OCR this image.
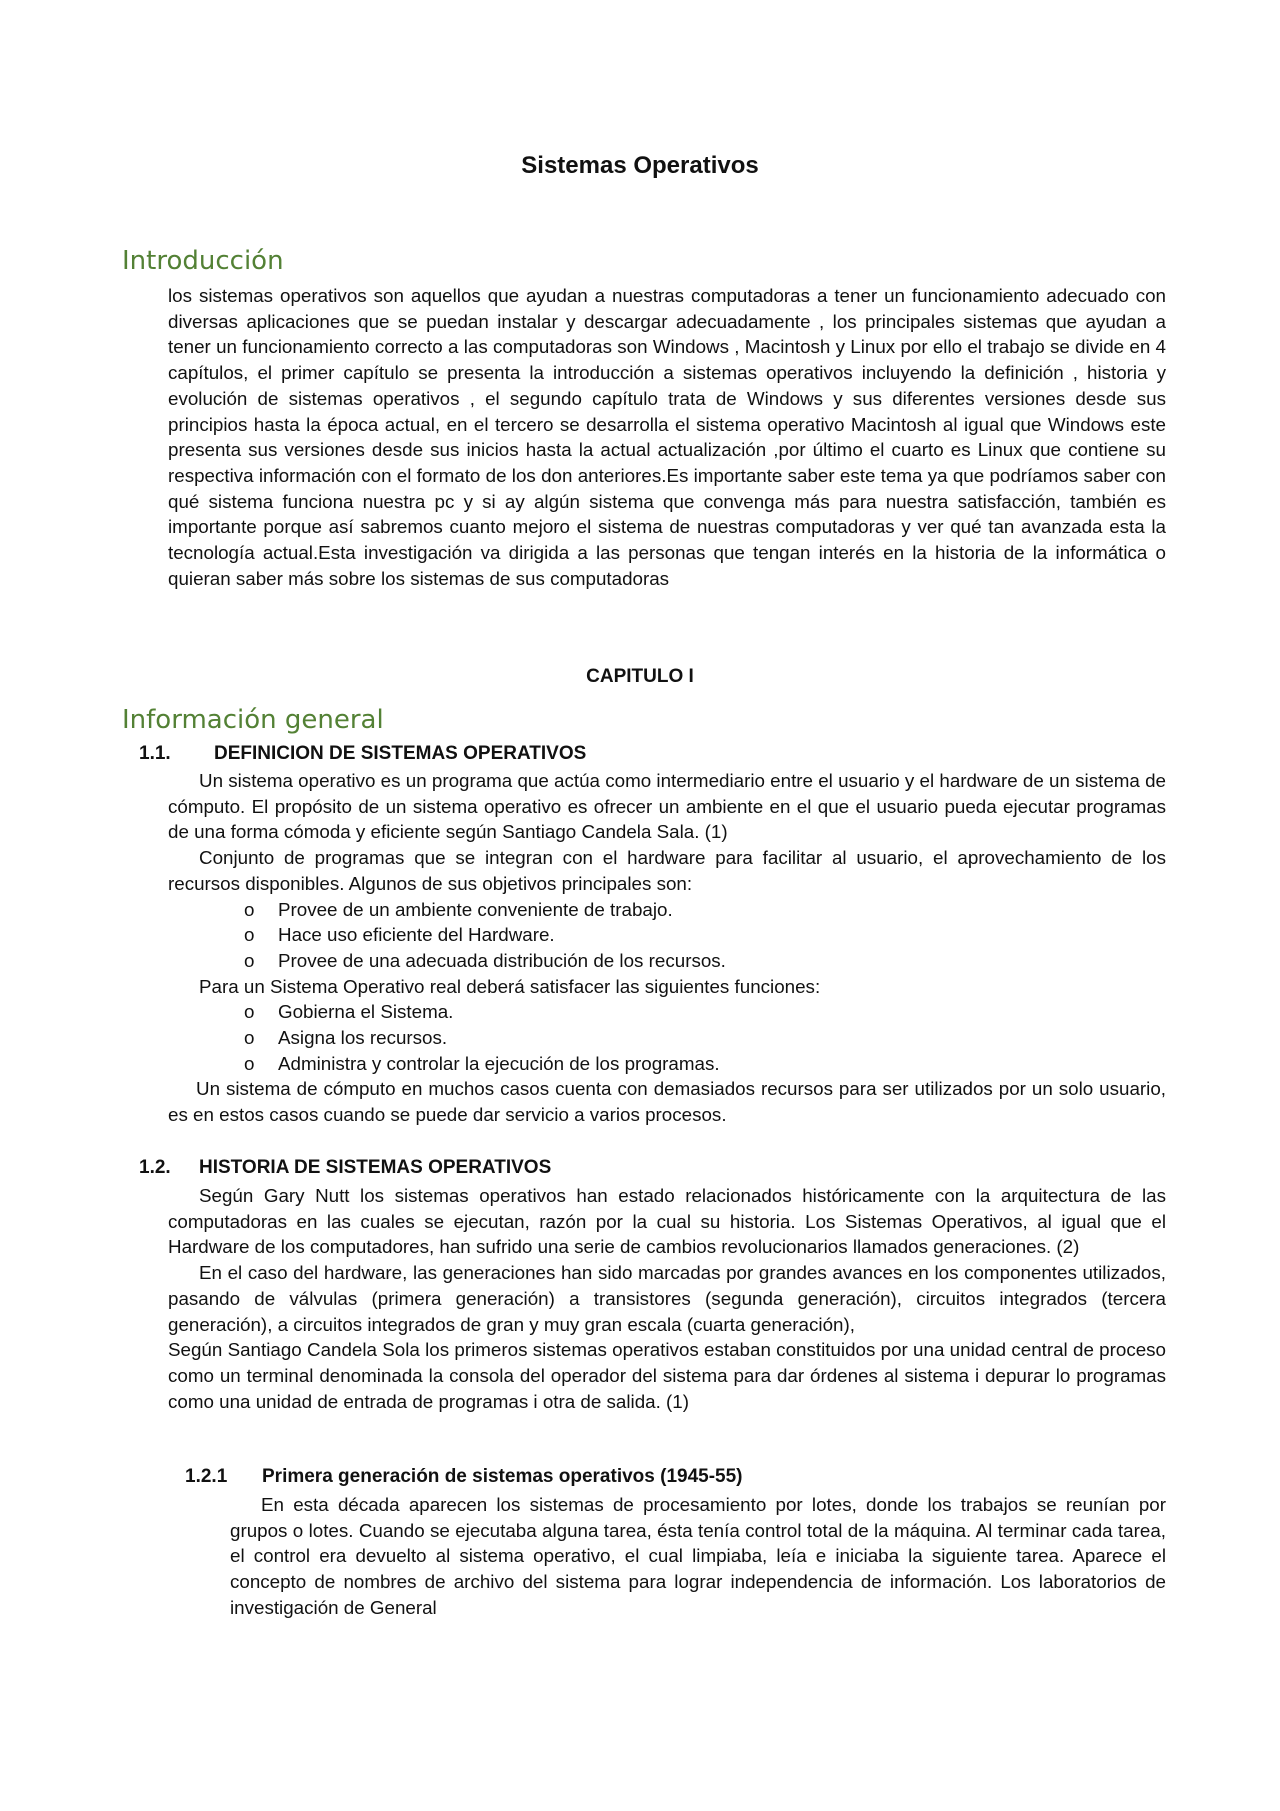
Sistemas Operativos
Introducción

los sistemas operativos son aquellos que ayudan a nuestras computadoras a tener un funcionamiento adecuado con diversas aplicaciones que se puedan instalar y descargar adecuadamente , los principales sistemas que ayudan a tener un funcionamiento correcto a las computadoras son Windows , Macintosh y Linux por ello el trabajo se divide en 4 capítulos, el primer capítulo se presenta la introducción a sistemas operativos incluyendo la definición , historia y evolución de sistemas operativos , el segundo capítulo trata de Windows y sus diferentes versiones desde sus principios hasta la época actual, en el tercero se desarrolla el sistema operativo Macintosh al igual que Windows este presenta sus versiones desde sus inicios hasta la actual actualización ,por último el cuarto es Linux que contiene su respectiva información con el formato de los don anteriores.Es importante saber este tema ya que podríamos saber con qué sistema funciona nuestra pc y si ay algún sistema que convenga más para nuestra satisfacción, también es importante porque así sabremos cuanto mejoro el sistema de nuestras computadoras y ver qué tan avanzada esta la tecnología actual.Esta investigación va dirigida a las personas que tengan interés en la historia de la informática o quieran saber más sobre los sistemas de sus computadoras

CAPITULO I
Información general
1.1. DEFINICION DE SISTEMAS OPERATIVOS

Un sistema operativo es un programa que actúa como intermediario entre el usuario y el hardware de un sistema de cómputo. El propósito de un sistema operativo es ofrecer un ambiente en el que el usuario pueda ejecutar programas de una forma cómoda y eficiente según Santiago Candela Sala. (1)

Conjunto de programas que se integran con el hardware para facilitar al usuario, el aprovechamiento de los recursos disponibles. Algunos de sus objetivos principales son:

o Provee de un ambiente conveniente de trabajo.
o Hace uso eficiente del Hardware.
o Provee de una adecuada distribución de los recursos.

Para un Sistema Operativo real deberá satisfacer las siguientes funciones:

o Gobierna el Sistema.
o Asigna los recursos.
o Administra y controlar la ejecución de los programas.

Un sistema de cómputo en muchos casos cuenta con demasiados recursos para ser utilizados por un solo usuario, es en estos casos cuando se puede dar servicio a varios procesos.

1.2. HISTORIA DE SISTEMAS OPERATIVOS

Según Gary Nutt los sistemas operativos han estado relacionados históricamente con la arquitectura de las computadoras en las cuales se ejecutan, razón por la cual su historia. Los Sistemas Operativos, al igual que el Hardware de los computadores, han sufrido una serie de cambios revolucionarios llamados generaciones. (2)

En el caso del hardware, las generaciones han sido marcadas por grandes avances en los componentes utilizados, pasando de válvulas (primera generación) a transistores (segunda generación), circuitos integrados (tercera generación), a circuitos integrados de gran y muy gran escala (cuarta generación),

Según Santiago Candela Sola los primeros sistemas operativos estaban constituidos por una unidad central de proceso como un terminal denominada la consola del operador del sistema para dar órdenes al sistema i depurar lo programas como una unidad de entrada de programas i otra de salida. (1)

1.2.1 Primera generación de sistemas operativos (1945-55)

En esta década aparecen los sistemas de procesamiento por lotes, donde los trabajos se reunían por grupos o lotes. Cuando se ejecutaba alguna tarea, ésta tenía control total de la máquina. Al terminar cada tarea, el control era devuelto al sistema operativo, el cual limpiaba, leía e iniciaba la siguiente tarea. Aparece el concepto de nombres de archivo del sistema para lograr independencia de información. Los laboratorios de investigación de General
